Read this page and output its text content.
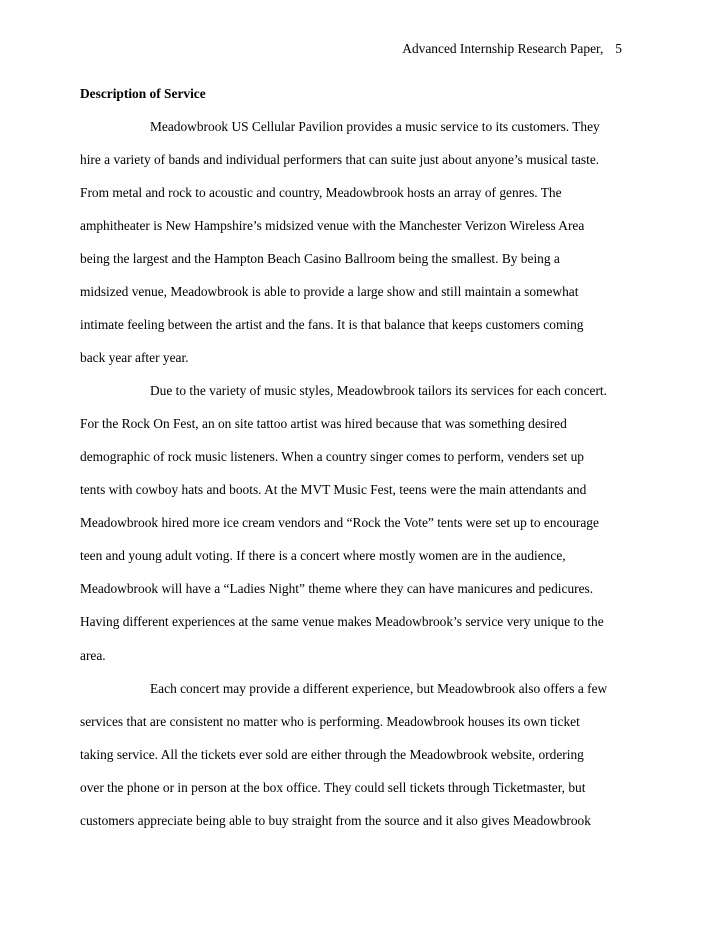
Advanced Internship Research Paper, 5
Description of Service
Meadowbrook US Cellular Pavilion provides a music service to its customers. They
hire a variety of bands and individual performers that can suite just about anyone’s musical taste.
From metal and rock to acoustic and country, Meadowbrook hosts an array of genres. The
amphitheater is New Hampshire’s midsized venue with the Manchester Verizon Wireless Area
being the largest and the Hampton Beach Casino Ballroom being the smallest. By being a
midsized venue, Meadowbrook is able to provide a large show and still maintain a somewhat
intimate feeling between the artist and the fans. It is that balance that keeps customers coming
back year after year.
Due to the variety of music styles, Meadowbrook tailors its services for each concert.
For the Rock On Fest, an on site tattoo artist was hired because that was something desired
demographic of rock music listeners. When a country singer comes to perform, venders set up
tents with cowboy hats and boots. At the MVT Music Fest, teens were the main attendants and
Meadowbrook hired more ice cream vendors and “Rock the Vote” tents were set up to encourage
teen and young adult voting. If there is a concert where mostly women are in the audience,
Meadowbrook will have a “Ladies Night” theme where they can have manicures and pedicures.
Having different experiences at the same venue makes Meadowbrook’s service very unique to the
area.
Each concert may provide a different experience, but Meadowbrook also offers a few
services that are consistent no matter who is performing. Meadowbrook houses its own ticket
taking service. All the tickets ever sold are either through the Meadowbrook website, ordering
over the phone or in person at the box office. They could sell tickets through Ticketmaster, but
customers appreciate being able to buy straight from the source and it also gives Meadowbrook
